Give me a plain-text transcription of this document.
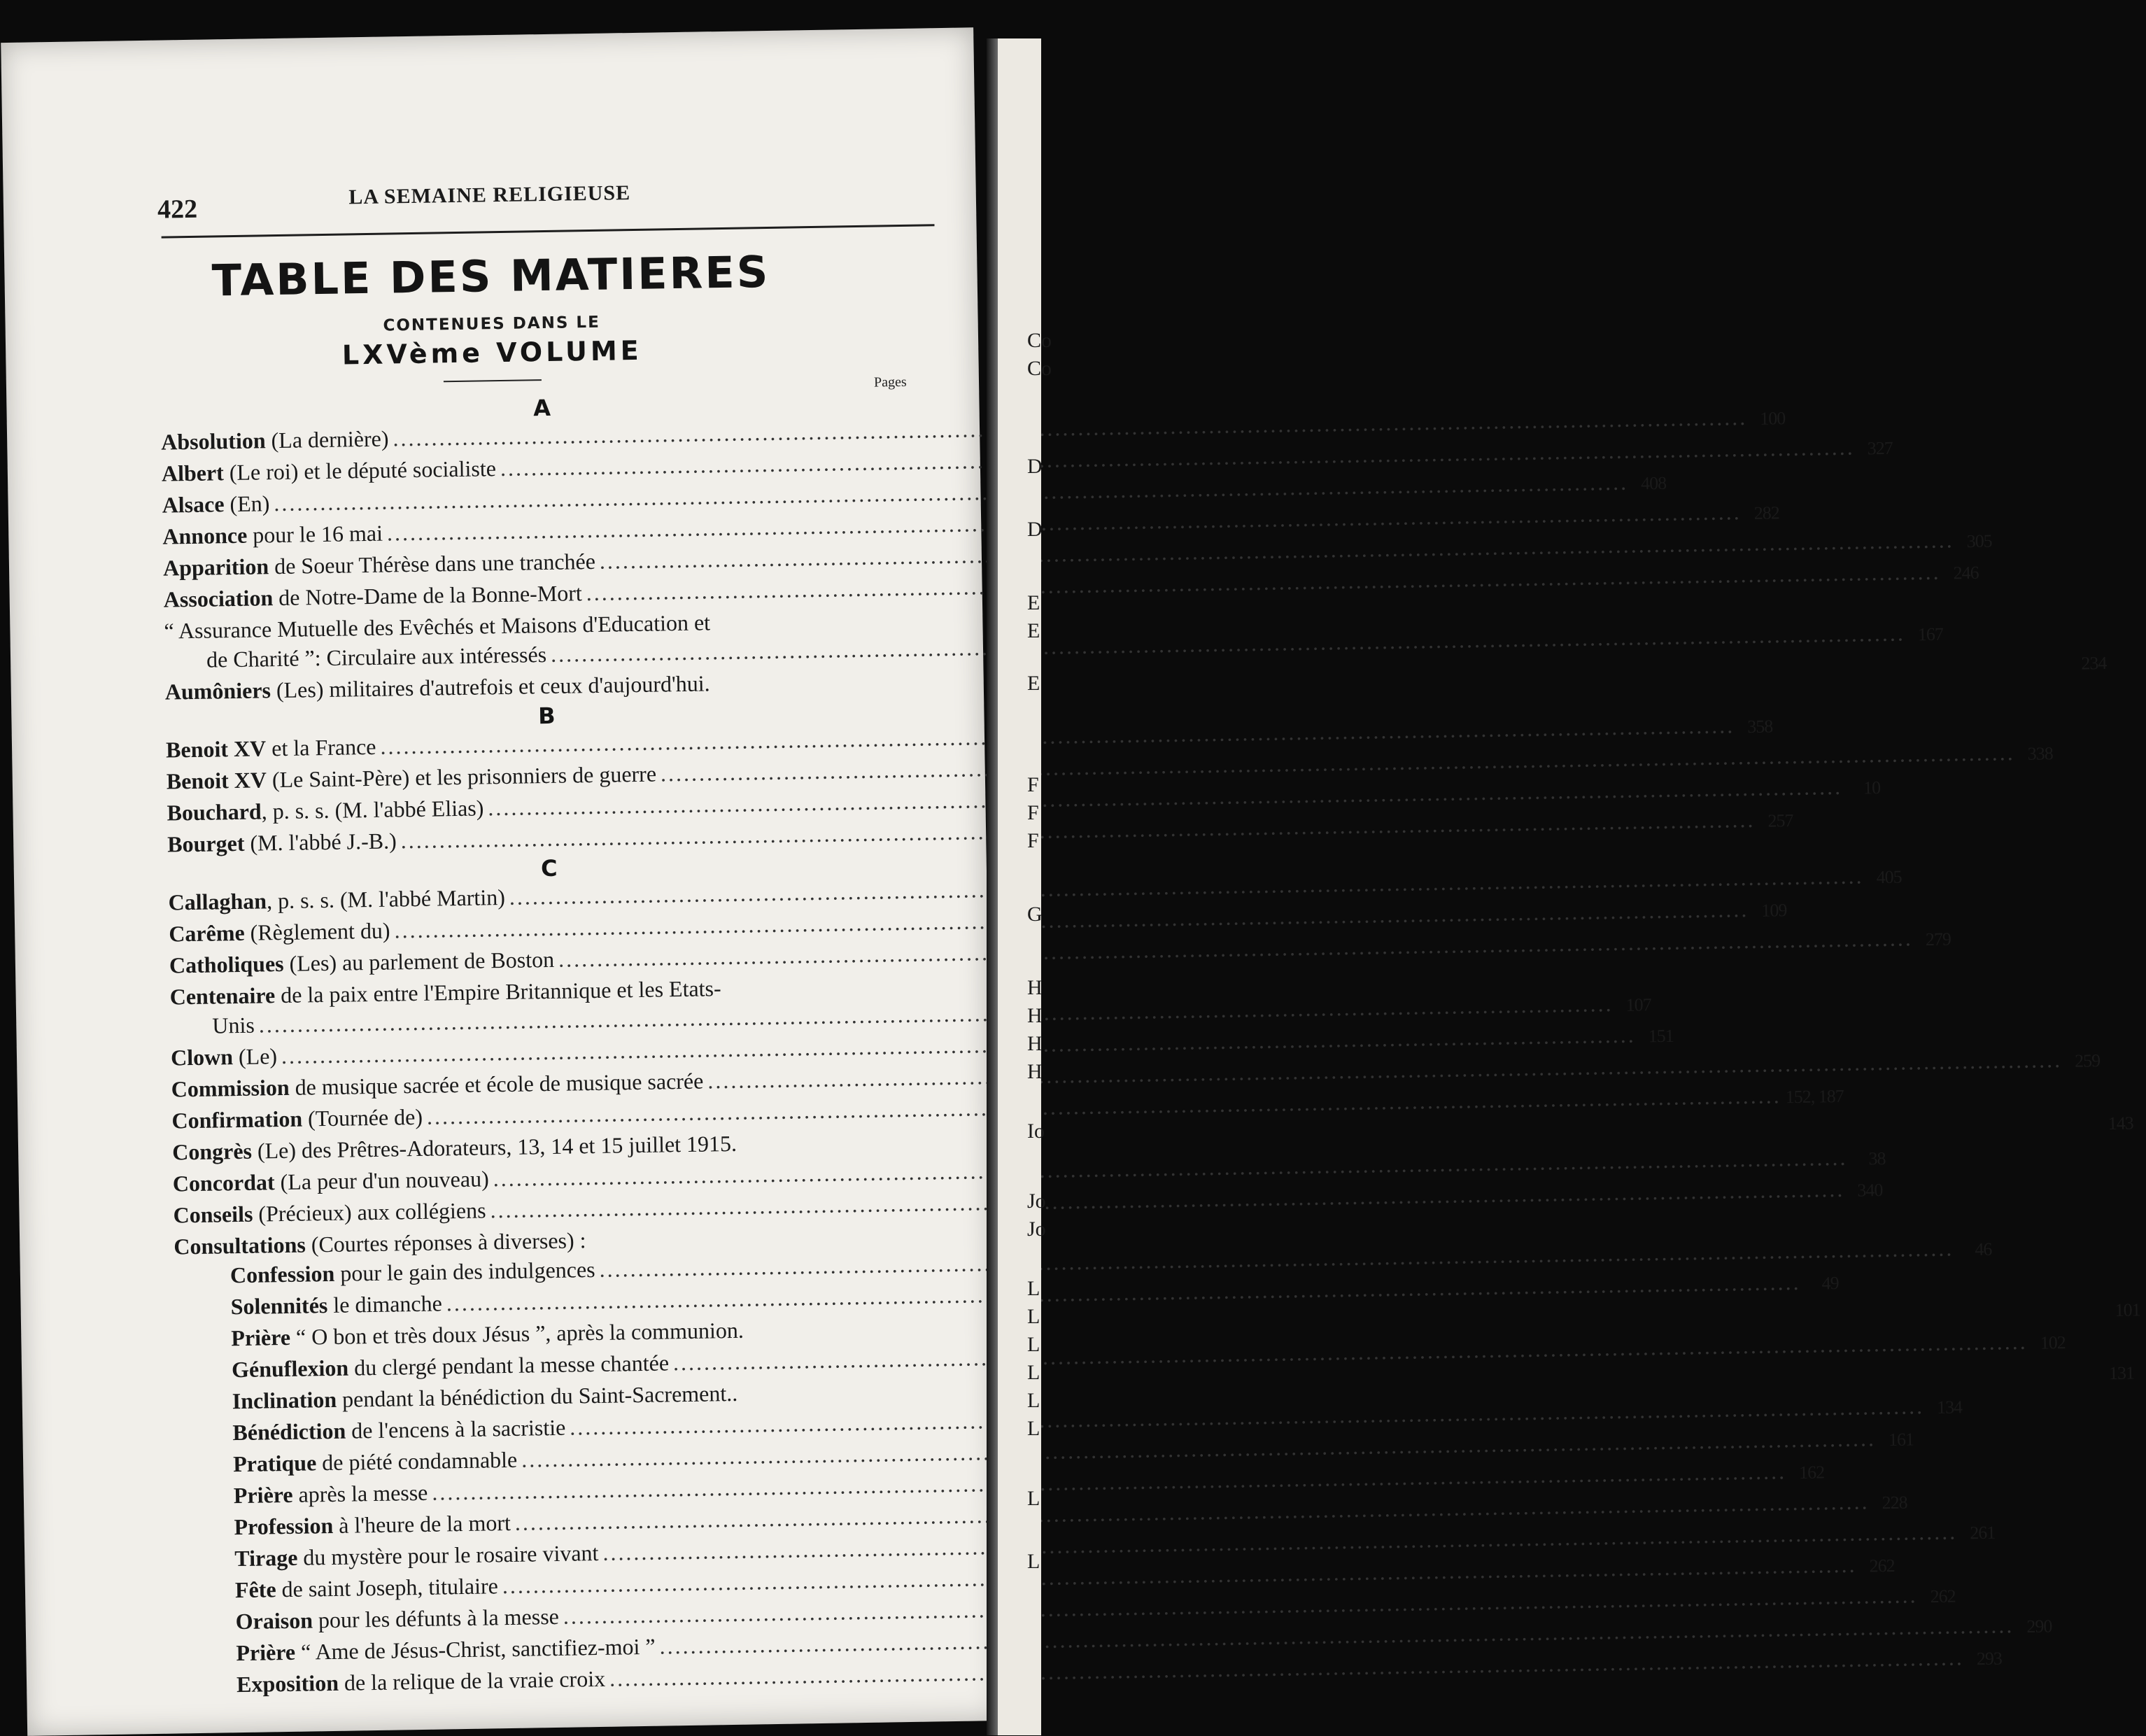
422	LA SEMAINE RELIGIEUSE
TABLE DES MATIERES
CONTENUES DANS LE
LXVème VOLUME
Pages
A
Absolution (La dernière)
.....
100
Albert (Le roi) et le député socialiste
.....
327
Alsace (En)
.....
408
Annonce pour le 16 mai
.....
282
Apparition de Soeur Thérèse dans une tranchée
.....
305
Association de Notre-Dame de la Bonne-Mort
.....
246
“ Assurance Mutuelle des Evêchés et Maisons d'Education et
de Charité ”: Circulaire aux intéressés
.....
167
Aumôniers (Les) militaires d'autrefois et ceux d'aujourd'hui.
234
B
Benoit XV et la France
.....
358
Benoit XV (Le Saint-Père) et les prisonniers de guerre
.....
338
Bouchard, p. s. s. (M. l'abbé Elias)
.....
10
Bourget (M. l'abbé J.-B.)
.....
257
C
Callaghan, p. s. s. (M. l'abbé Martin)
.....
405
Carême (Règlement du)
.....
109
Catholiques (Les) au parlement de Boston
.....
279
Centenaire de la paix entre l'Empire Britannique et les Etats-
Unis
.....
107
Clown (Le)
.....
151
Commission de musique sacrée et école de musique sacrée
.....
259
Confirmation (Tournée de)
.....
152, 187
Congrès (Le) des Prêtres-Adorateurs, 13, 14 et 15 juillet 1915.
143
Concordat (La peur d'un nouveau)
.....
38
Conseils (Précieux) aux collégiens
.....
340
Consultations (Courtes réponses à diverses) :
Confession pour le gain des indulgences
.....
46
Solennités le dimanche
.....
49
Prière “ O bon et très doux Jésus ”, après la communion.
101
Génuflexion du clergé pendant la messe chantée
.....
102
Inclination pendant la bénédiction du Saint-Sacrement..
131
Bénédiction de l'encens à la sacristie
.....
134
Pratique de piété condamnable
.....
161
Prière après la messe
.....
162
Profession à l'heure de la mort
.....
228
Tirage du mystère pour le rosaire vivant
.....
261
Fête de saint Joseph, titulaire
.....
262
Oraison pour les défunts à la messe
.....
262
Prière “ Ame de Jésus-Christ, sanctifiez-moi ”
.....
290
Exposition de la relique de la vraie croix
.....
293
Co
Co
D
D
E
E
E
F
F
F
G
H
H
H
H
Io
Jo
Jo
L
L
L
L
L
L
L
L
